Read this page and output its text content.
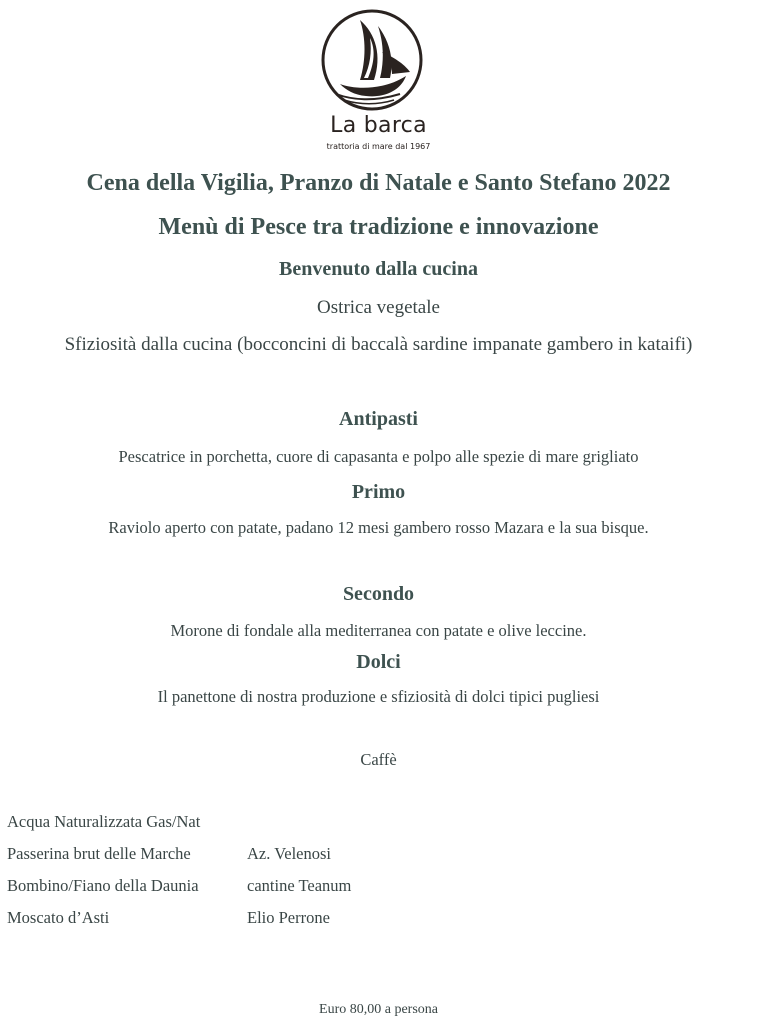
La barca
trattoria di mare dal 1967
Cena della Vigilia, Pranzo di Natale e Santo Stefano 2022
Menù di Pesce tra tradizione e innovazione
Benvenuto dalla cucina
Ostrica vegetale
Sfiziosità dalla cucina (bocconcini di baccalà sardine impanate gambero in kataifi)
Antipasti
Pescatrice in porchetta, cuore di capasanta e polpo alle spezie di mare grigliato
Primo
Raviolo aperto con patate, padano 12 mesi gambero rosso Mazara e la sua bisque.
Secondo
Morone di fondale alla mediterranea con patate e olive leccine.
Dolci
Il panettone di nostra produzione e sfiziosità di dolci tipici pugliesi
Caffè
Acqua Naturalizzata Gas/Nat
Passerina brut delle Marche	Az. Velenosi
Bombino/Fiano della Daunia	cantine Teanum
Moscato d’Asti	Elio Perrone
Euro 80,00 a persona
